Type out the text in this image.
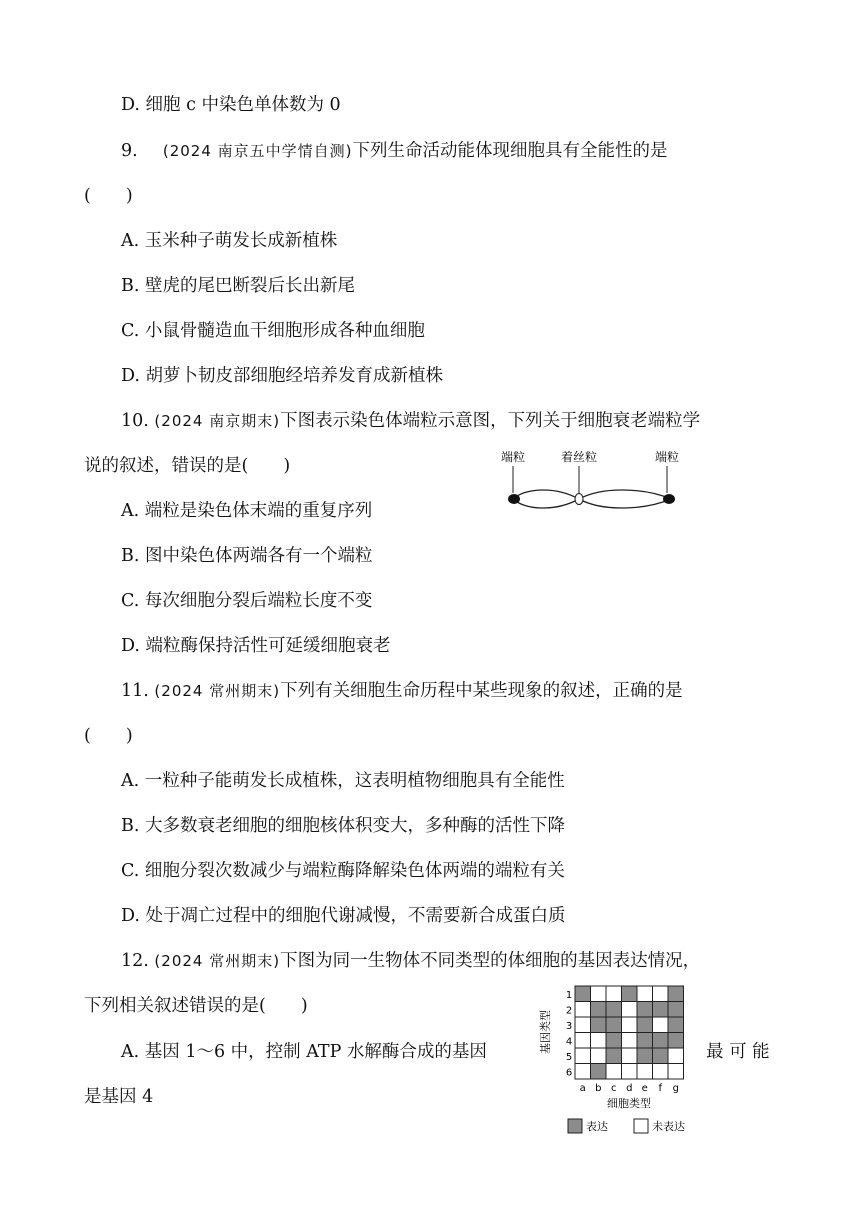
D. 细胞 c 中染色单体数为 0
9. (2024 南京五中学情自测)下列生命活动能体现细胞具有全能性的是
(　　)
A. 玉米种子萌发长成新植株
B. 壁虎的尾巴断裂后长出新尾
C. 小鼠骨髓造血干细胞形成各种血细胞
D. 胡萝卜韧皮部细胞经培养发育成新植株
10. (2024 南京期末)下图表示染色体端粒示意图，下列关于细胞衰老端粒学
说的叙述，错误的是(　　)
A. 端粒是染色体末端的重复序列
B. 图中染色体两端各有一个端粒
C. 每次细胞分裂后端粒长度不变
D. 端粒酶保持活性可延缓细胞衰老
端粒	着丝粒	端粒
11. (2024 常州期末)下列有关细胞生命历程中某些现象的叙述，正确的是
(　　)
A. 一粒种子能萌发长成植株，这表明植物细胞具有全能性
B. 大多数衰老细胞的细胞核体积变大，多种酶的活性下降
C. 细胞分裂次数减少与端粒酶降解染色体两端的端粒有关
D. 处于凋亡过程中的细胞代谢减慢，不需要新合成蛋白质
12. (2024 常州期末)下图为同一生物体不同类型的体细胞的基因表达情况，
下列相关叙述错误的是(　　)
A. 基因 1～6 中，控制 ATP 水解酶合成的基因	最 可 能
是基因 4
1
2
3
4
5
6
a b c d e f g
基因类型
细胞类型
表达	未表达
